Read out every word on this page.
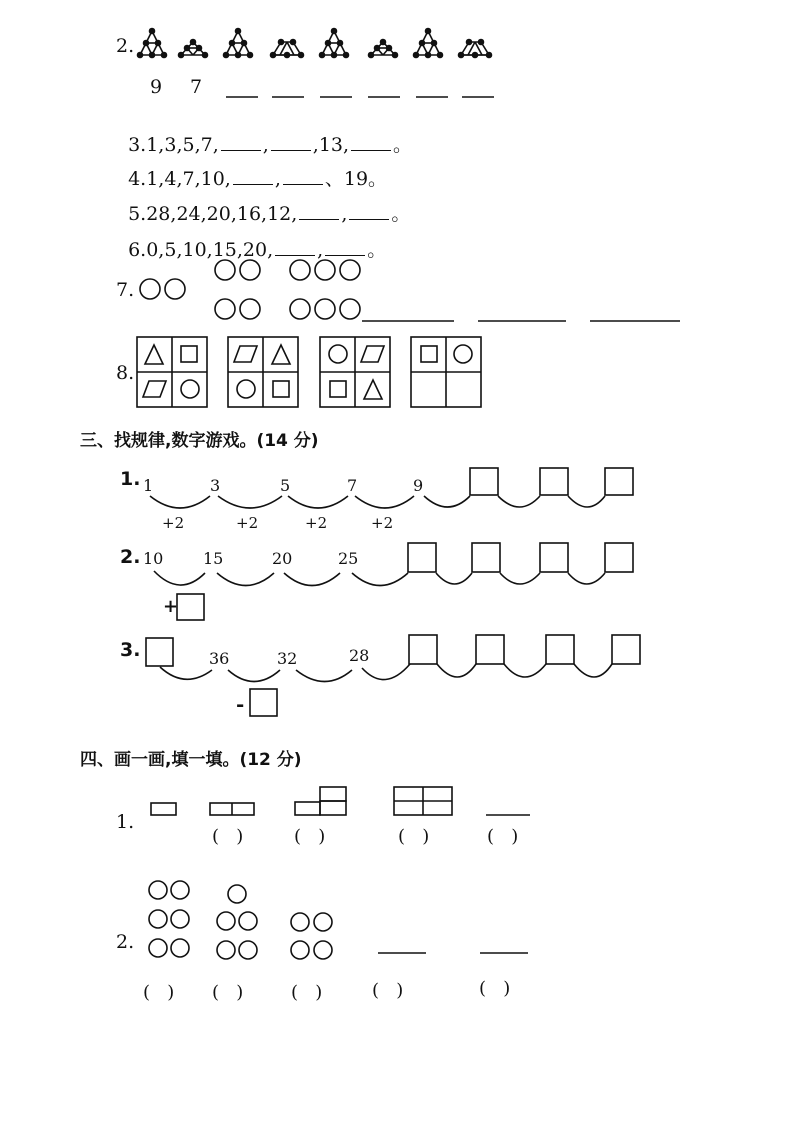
2.
9 7

3.1,3,5,7, , ,13, 。

4.1,4,7,10, , 、19。

5.28,24,20,16,12, , 。

6.0,5,10,15,20, , 。

7.
8.
三、找规律,数字游戏。(14 分)
1. 1	3	5	7	9
+2	+2	+2	+2
2. 10 15	20	25
+
3.	36	32	28
-
四、画一画,填一填。(12 分)
1.
(   )	(   )	(   )	(   )
2.
(   ) (   )	(   )	(   )	(   )
